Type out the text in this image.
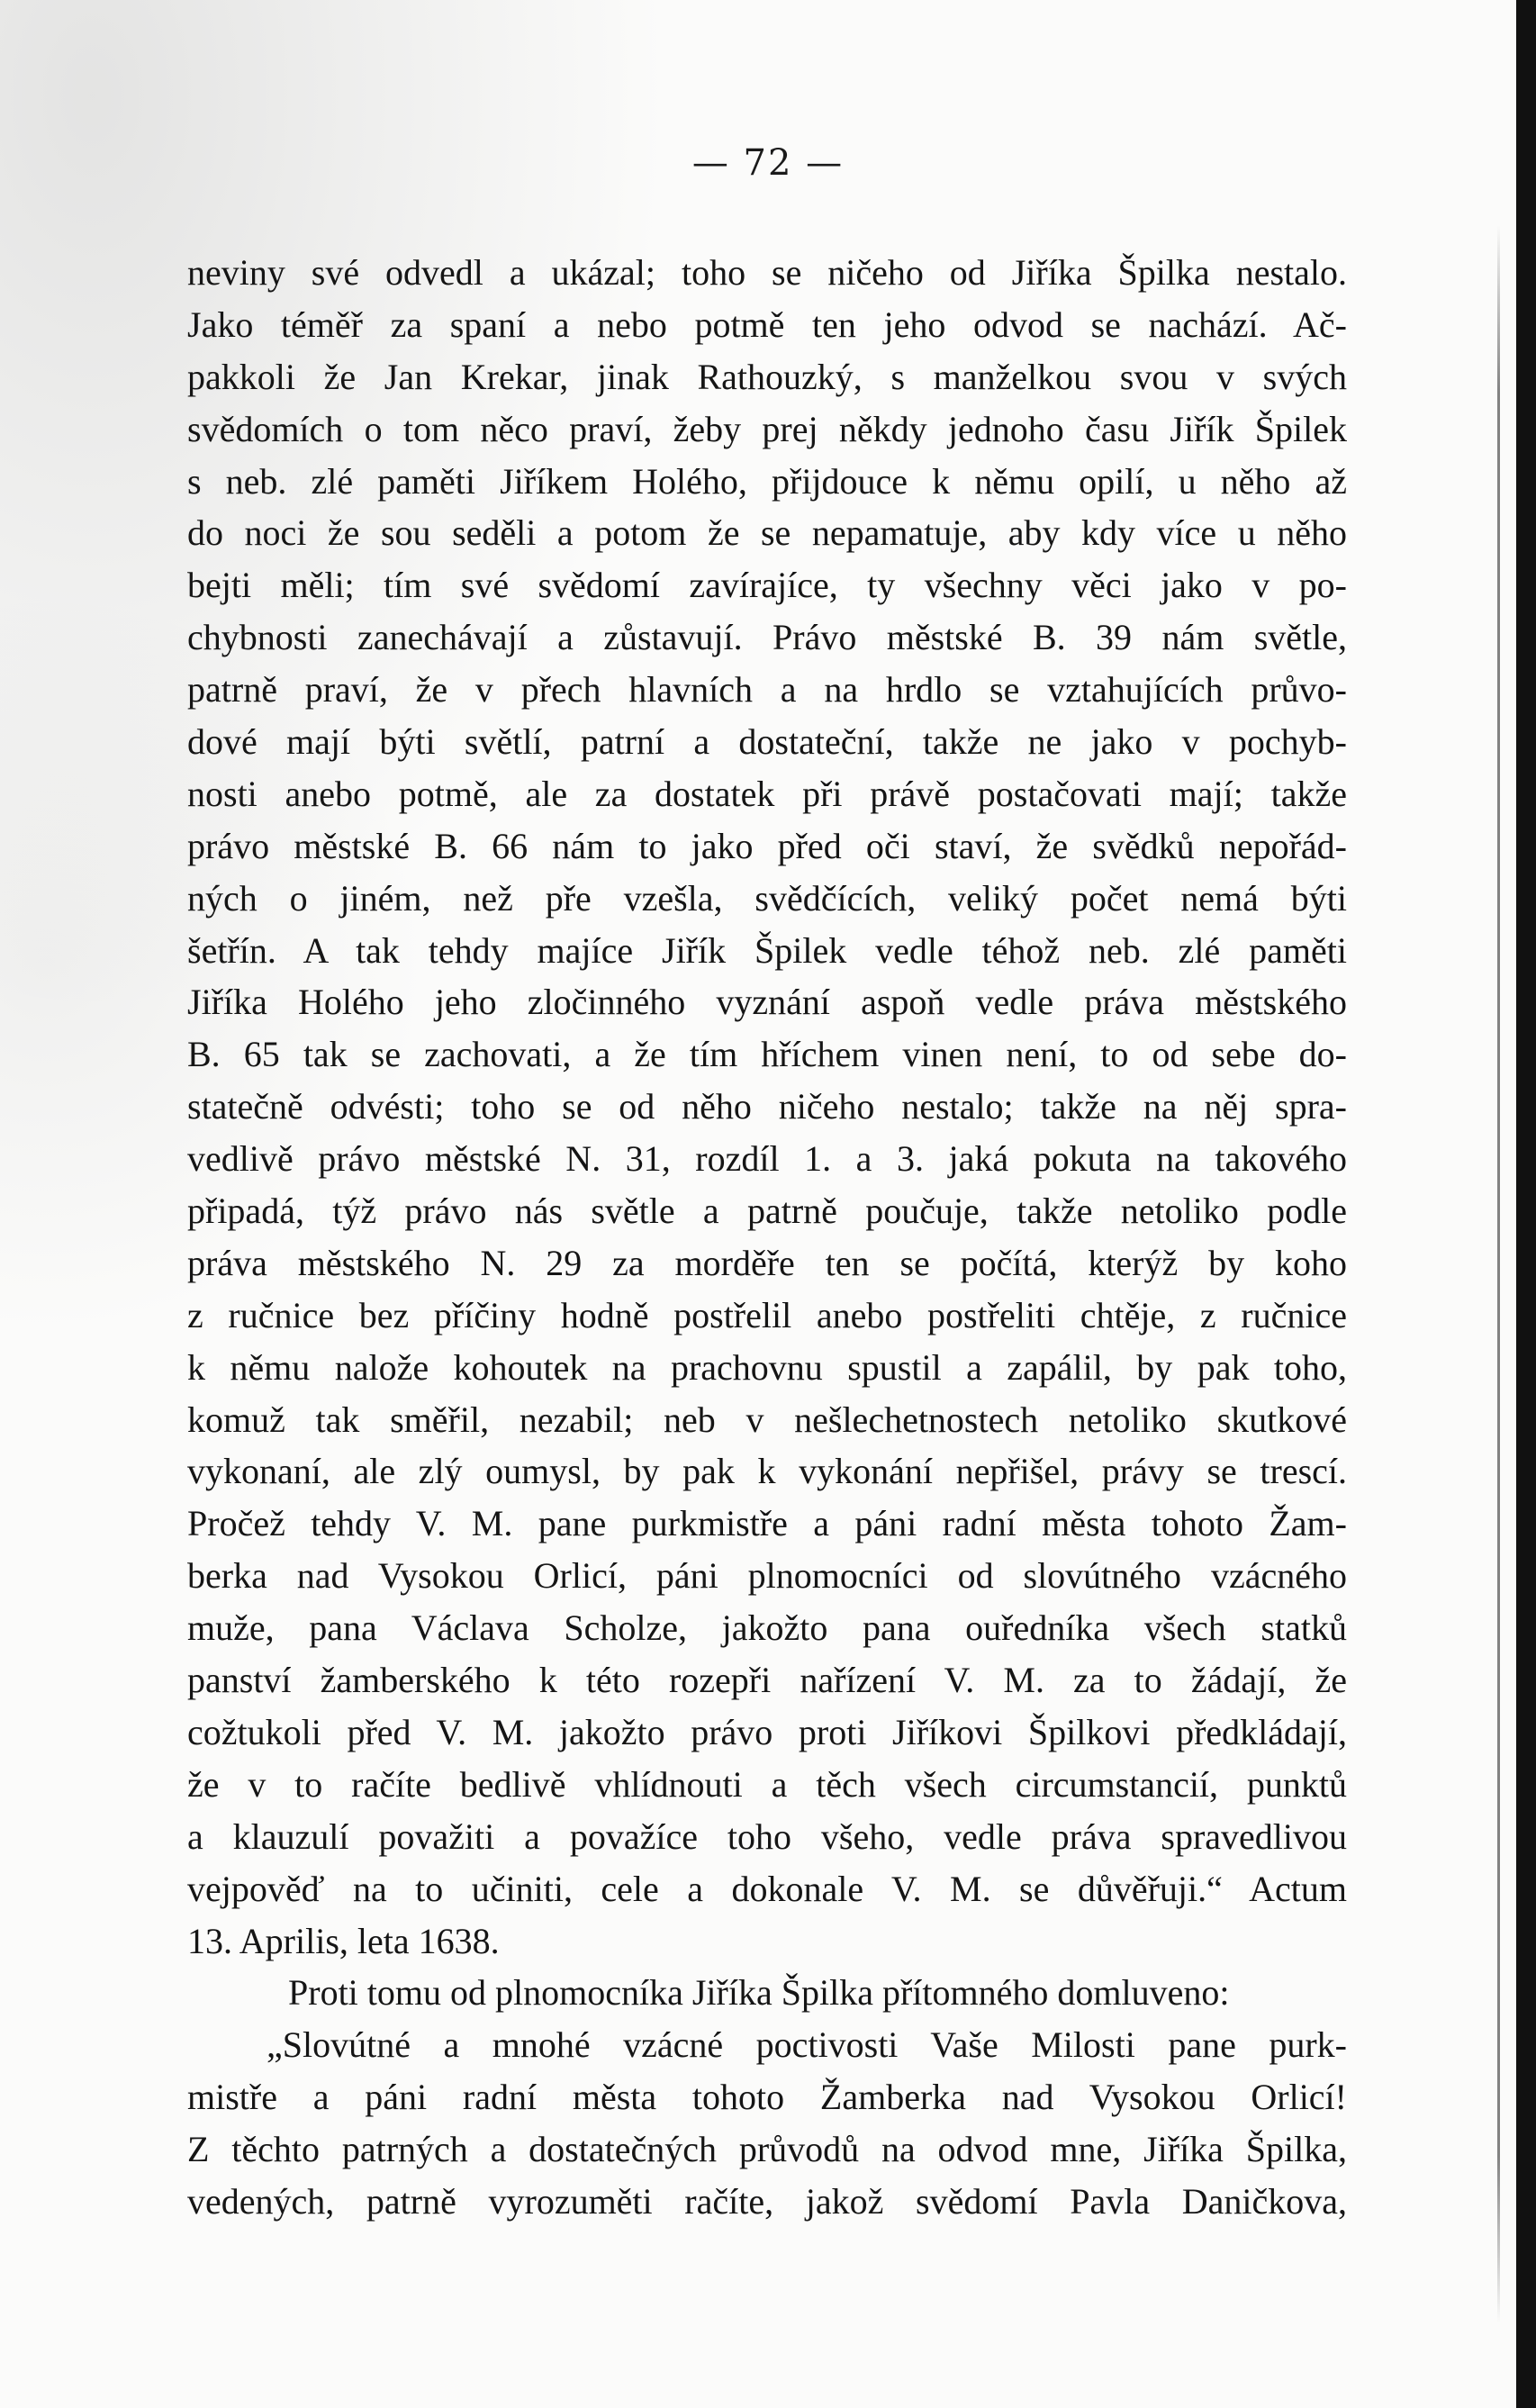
— 72 —
neviny své odvedl a ukázal; toho se ničeho od Jiříka Špilka nestalo.
Jako téměř za spaní a nebo potmě ten jeho odvod se nachází. Ač-
pakkoli že Jan Krekar, jinak Rathouzký, s manželkou svou v svých
svědomích o tom něco praví, žeby prej někdy jednoho času Jiřík Špilek
s neb. zlé paměti Jiříkem Holého, přijdouce k němu opilí, u něho až
do noci že sou seděli a potom že se nepamatuje, aby kdy více u něho
bejti měli; tím své svědomí zavírajíce, ty všechny věci jako v po-
chybnosti zanechávají a zůstavují. Právo městské B. 39 nám světle,
patrně praví, že v přech hlavních a na hrdlo se vztahujících průvo-
dové mají býti světlí, patrní a dostateční, takže ne jako v pochyb-
nosti anebo potmě, ale za dostatek při právě postačovati mají; takže
právo městské B. 66 nám to jako před oči staví, že svědků nepořád-
ných o jiném, než pře vzešla, svědčících, veliký počet nemá býti
šetřín. A tak tehdy majíce Jiřík Špilek vedle téhož neb. zlé paměti
Jiříka Holého jeho zločinného vyznání aspoň vedle práva městského
B. 65 tak se zachovati, a že tím hříchem vinen není, to od sebe do-
statečně odvésti; toho se od něho ničeho nestalo; takže na něj spra-
vedlivě právo městské N. 31, rozdíl 1. a 3. jaká pokuta na takového
připadá, týž právo nás světle a patrně poučuje, takže netoliko podle
práva městského N. 29 za morděře ten se počítá, kterýž by koho
z ručnice bez příčiny hodně postřelil anebo postřeliti chtěje, z ručnice
k němu nalože kohoutek na prachovnu spustil a zapálil, by pak toho,
komuž tak směřil, nezabil; neb v nešlechetnostech netoliko skutkové
vykonaní, ale zlý oumysl, by pak k vykonání nepřišel, právy se trescí.
Pročež tehdy V. M. pane purkmistře a páni radní města tohoto Žam-
berka nad Vysokou Orlicí, páni plnomocníci od slovútného vzácného
muže, pana Václava Scholze, jakožto pana ouředníka všech statků
panství žamberského k této rozepři nařízení V. M. za to žádají, že
cožtukoli před V. M. jakožto právo proti Jiříkovi Špilkovi předkládají,
že v to račíte bedlivě vhlídnouti a těch všech circumstancií, punktů
a klauzulí považiti a považíce toho všeho, vedle práva spravedlivou
vejpověď na to učiniti, cele a dokonale V. M. se důvěřuji.“ Actum
13. Aprilis, leta 1638.
Proti tomu od plnomocníka Jiříka Špilka přítomného domluveno:
„Slovútné a mnohé vzácné poctivosti Vaše Milosti pane purk-
mistře a páni radní města tohoto Žamberka nad Vysokou Orlicí!
Z těchto patrných a dostatečných průvodů na odvod mne, Jiříka Špilka,
vedených, patrně vyrozuměti račíte, jakož svědomí Pavla Daničkova,
